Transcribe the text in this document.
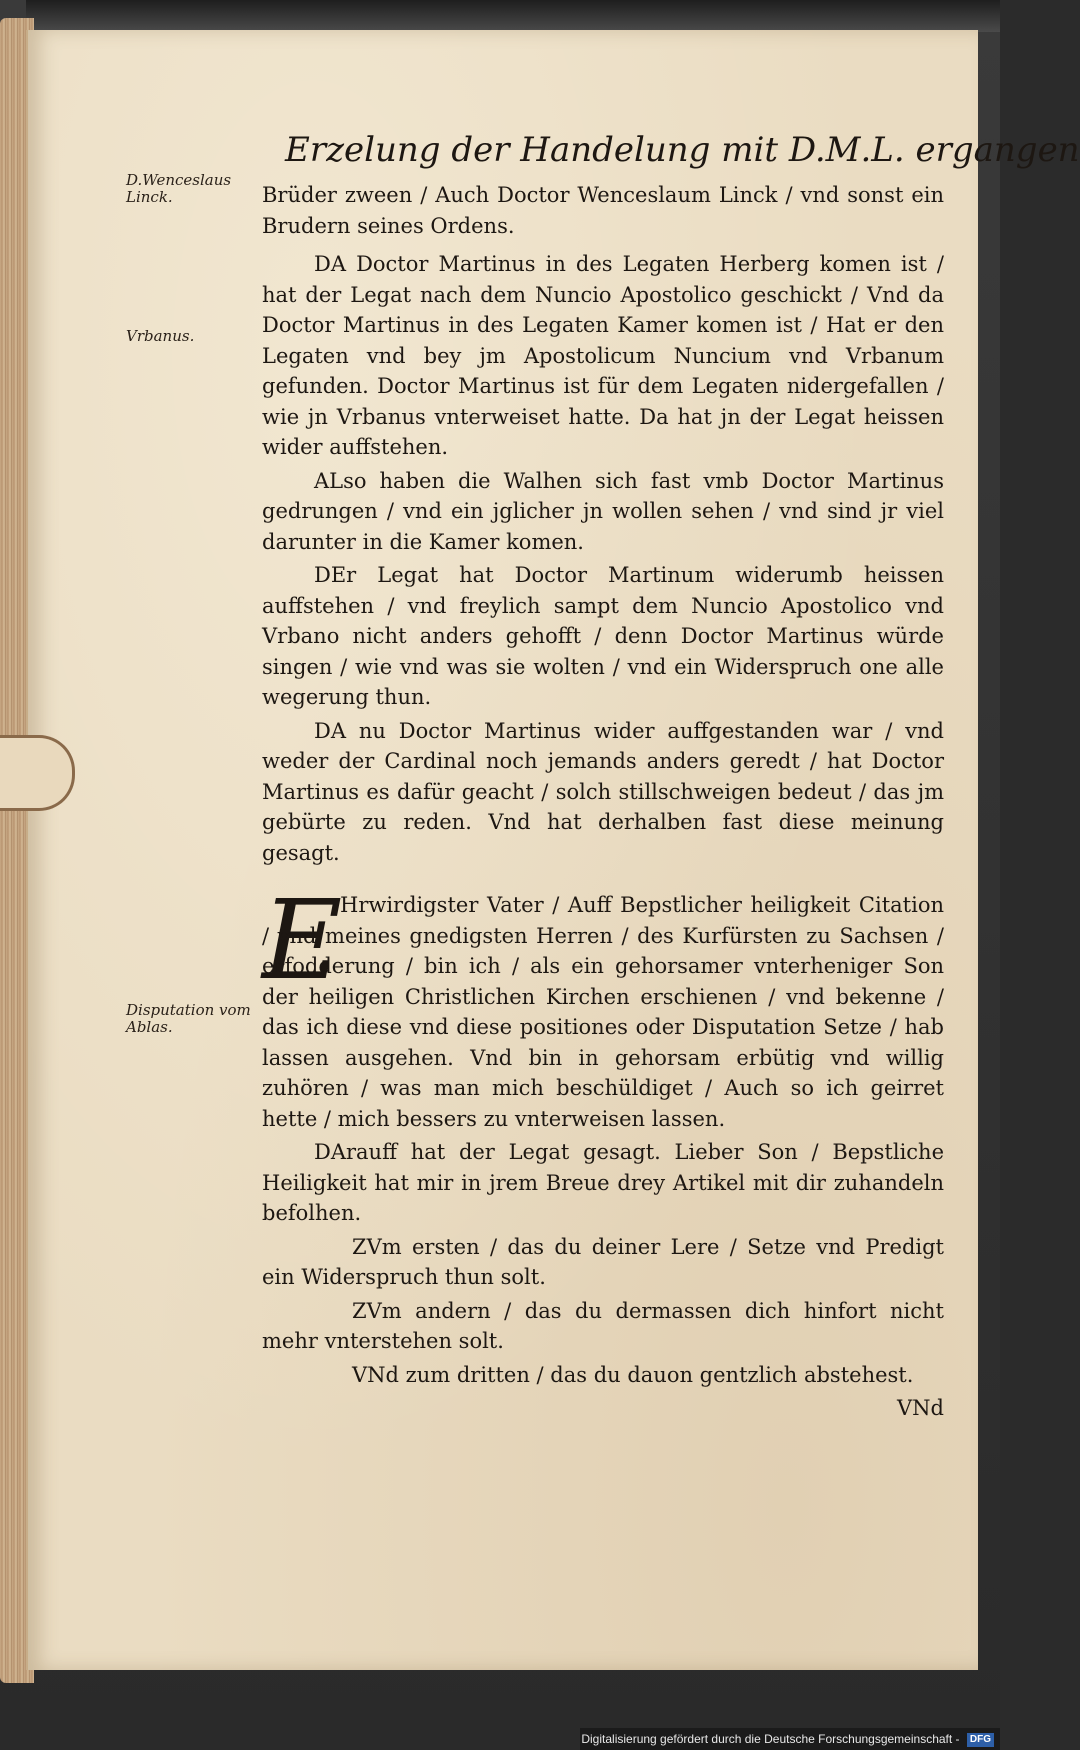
Erzelung der Handelung mit D.M.L. ergangen
D.Wenceslaus Linck.
Vrbanus.
Disputation vom Ablas.

Brüder zween / Auch Doctor Wenceslaum Linck / vnd sonst ein Brudern seines Ordens.

DA Doctor Martinus in des Legaten Herberg komen ist / hat der Legat nach dem Nuncio Apostolico geschickt / Vnd da Doctor Martinus in des Legaten Kamer komen ist / Hat er den Legaten vnd bey jm Apostolicum Nuncium vnd Vrbanum gefunden. Doctor Martinus ist für dem Legaten nidergefallen / wie jn Vrbanus vnterweiset hatte. Da hat jn der Legat heissen wider auffstehen.

ALso haben die Walhen sich fast vmb Doctor Martinus gedrungen / vnd ein jglicher jn wollen sehen / vnd sind jr viel darunter in die Kamer komen.

DEr Legat hat Doctor Martinum widerumb heissen auffstehen / vnd freylich sampt dem Nuncio Apostolico vnd Vrbano nicht anders gehofft / denn Doctor Martinus würde singen / wie vnd was sie wolten / vnd ein Widerspruch one alle wegerung thun.

DA nu Doctor Martinus wider auffgestanden war / vnd weder der Cardinal noch jemands anders geredt / hat Doctor Martinus es dafür geacht / solch stillschweigen bedeut / das jm gebürte zu reden. Vnd hat derhalben fast diese meinung gesagt.

E

Hrwirdigster Vater / Auff Bepstlicher heiligkeit Citation / vnd meines gnedigsten Herren / des Kurfürsten zu Sachsen / erfodderung / bin ich / als ein gehorsamer vnterheniger Son der heiligen Christlichen Kirchen erschienen / vnd bekenne / das ich diese vnd diese positiones oder Disputation Setze / hab lassen ausgehen. Vnd bin in gehorsam erbütig vnd willig zuhören / was man mich beschüldiget / Auch so ich geirret hette / mich bessers zu vnterweisen lassen.

DArauff hat der Legat gesagt. Lieber Son / Bepstliche Heiligkeit hat mir in jrem Breue drey Artikel mit dir zuhandeln befolhen.

ZVm ersten / das du deiner Lere / Setze vnd Predigt ein Widerspruch thun solt.

ZVm andern / das du dermassen dich hinfort nicht mehr vnterstehen solt.

VNd zum dritten / das du dauon gentzlich abstehest.

VNd
Digitalisierung gefördert durch die Deutsche Forschungsgemeinschaft - DFG
